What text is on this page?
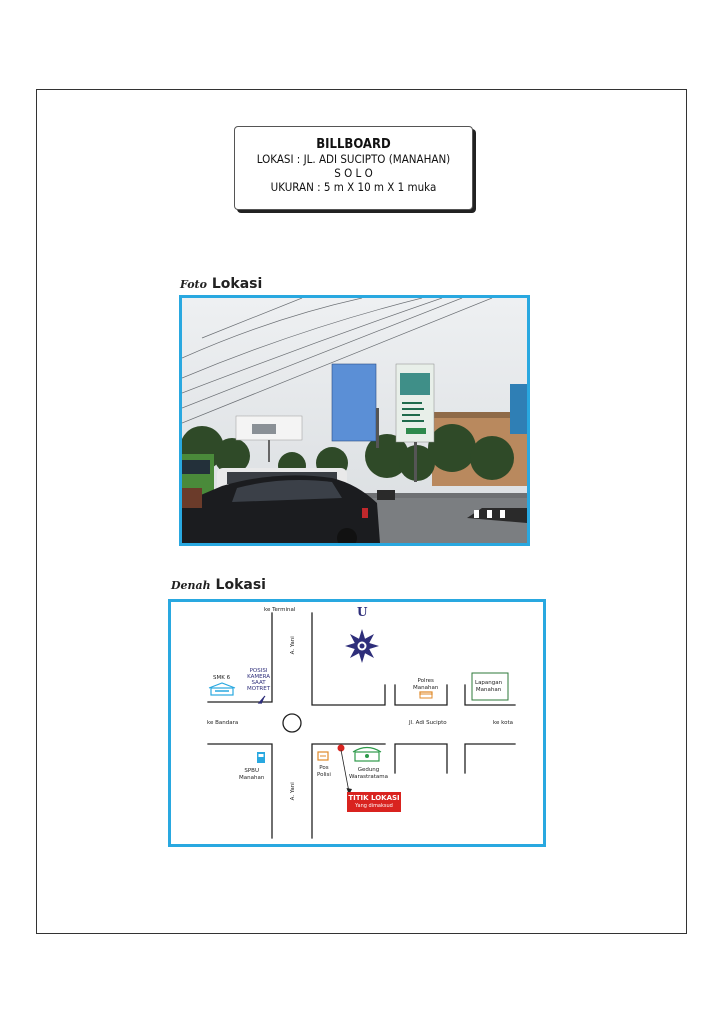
BILLBOARD
LOKASI : JL. ADI SUCIPTO (MANAHAN)
S O L O
UKURAN : 5 m X 10 m X 1 muka
Foto Lokasi
Denah Lokasi
ke Terminal
A. Yani
A. Yani
U
SMK 6
POSISI
KAMERA
SAAT
MOTRET
Polres
Manahan
Lapangan
Manahan
ke Bandara	Jl. Adi Sucipto	ke kota
SPBU
Manahan
Pos
Polisi
Gedung
Warastratama
TITIK LOKASI
Yang dimaksud
